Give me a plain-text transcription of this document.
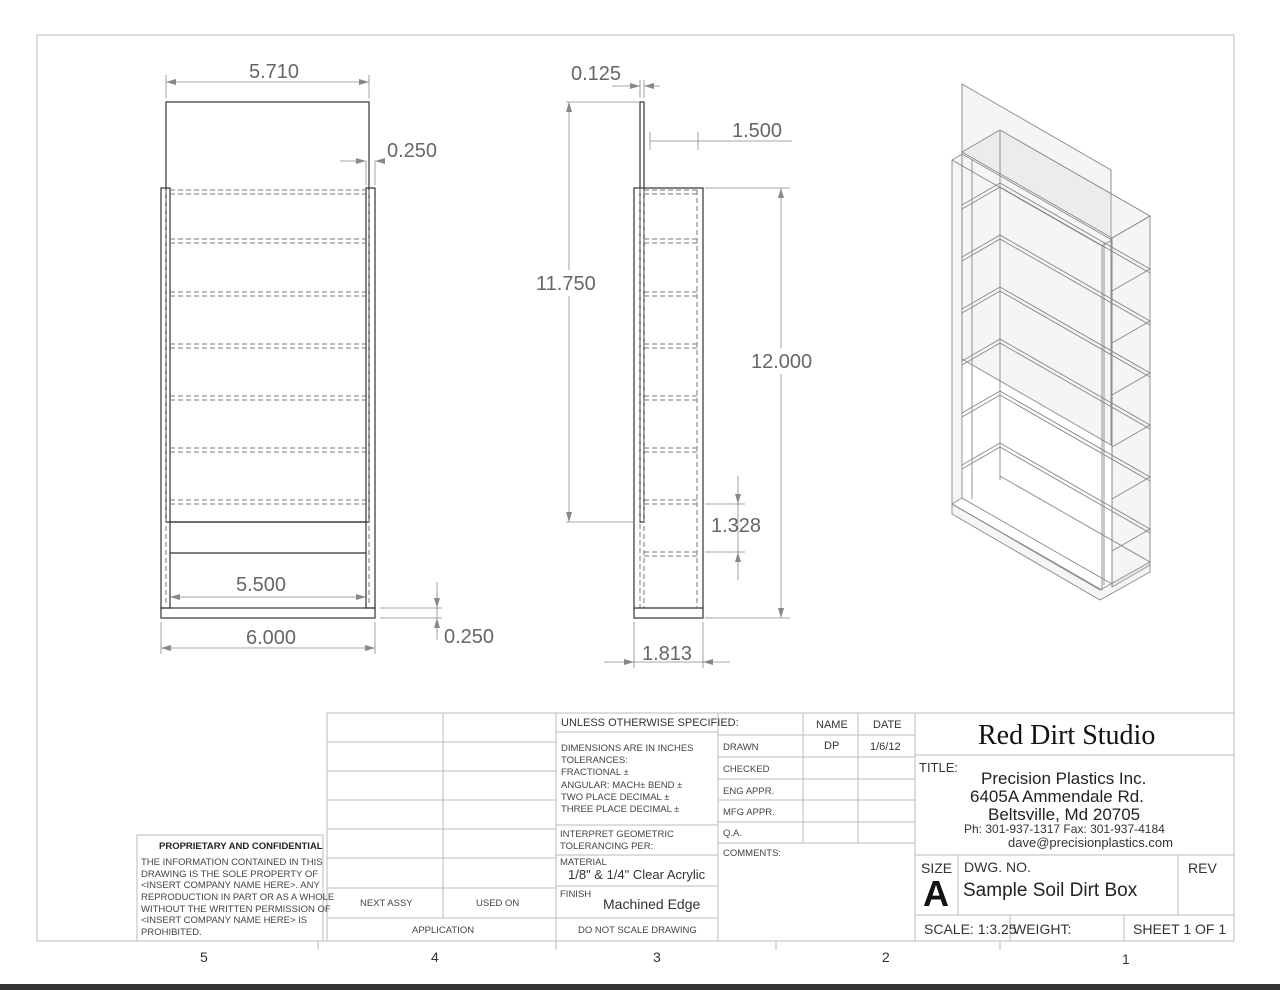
5	4	3	2	1
5.710
0.250
5.500
6.000	0.250
0.125
1.500
11.750
12.000
1.328
1.813
UNLESS OTHERWISE SPECIFIED:	NAME DATE
DIMENSIONS ARE IN INCHES
TOLERANCES:
FRACTIONAL ±
ANGULAR: MACH± BEND ±
TWO PLACE DECIMAL ±
THREE PLACE DECIMAL ±
INTERPRET GEOMETRIC
TOLERANCING PER:
MATERIAL
1/8" & 1/4" Clear Acrylic
FINISH
Machined Edge
DO NOT SCALE DRAWING
NEXT ASSY	USED ON
APPLICATION
DRAWN	DP	1/6/12
CHECKED
ENG APPR.
MFG APPR.
Q.A.
COMMENTS:
Red Dirt Studio
TITLE:
Precision Plastics Inc.
6405A Ammendale Rd.
Beltsville, Md 20705
Ph: 301-937-1317 Fax: 301-937-4184
dave@precisionplastics.com
SIZE
A
DWG. NO.
Sample Soil Dirt Box
REV
SCALE: 1:3.25
WEIGHT:	SHEET 1 OF 1
PROPRIETARY AND CONFIDENTIAL
THE INFORMATION CONTAINED IN THIS
DRAWING IS THE SOLE PROPERTY OF
<INSERT COMPANY NAME HERE>. ANY
REPRODUCTION IN PART OR AS A WHOLE
WITHOUT THE WRITTEN PERMISSION OF
<INSERT COMPANY NAME HERE> IS
PROHIBITED.
